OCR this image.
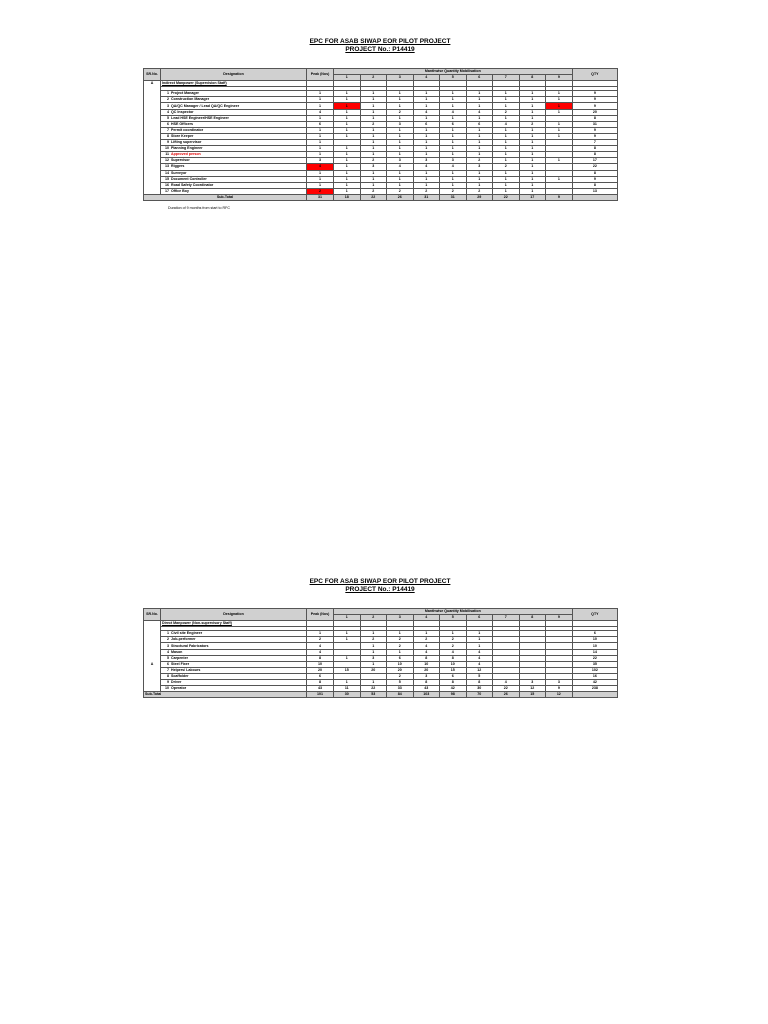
EPC FOR ASAB SIWAP EOR PILOT PROJECT
PROJECT No.: P14419
SR.No.	Designation	Peak (Nos)	Manthwise Quantity Mobilisation									QTY
			1	2	3	4	5	6	7	8	9	
A	Indirect Manpower (Supervision Staff)											

	1 Project Manager	1	1	1	1	1	1	1	1	1	1	9
	2 Construction Manager	1	1	1	1	1	1	1	1	1	1	9
	3 QA/QC Manager / Lead QA/QC Engineer	1	1	1	1	1	1	1	1	1	1	9
	4 QC Inspector	4	1	1	2	4	4	4	2	1	1	20
	5 Lead HSE Engineer/HSE Engineer	1	1	1	1	1	1	1	1	1		8
	6 HSE Officers	6	1	2	3	6	6	6	4	2	1	31
	7 Permit coordinator	1	1	1	1	1	1	1	1	1	1	9
	8 Store Keeper	1	1	1	1	1	1	1	1	1	1	9
	9 Lifting supervisor	1		1	1	1	1	1	1	1		7
	10 Planning Engineer	1	1	1	1	1	1	1	1	1		8
	11 Approved person	1	1	1	1	1	1	1	1	1		8
	12 Supervisor	3	1	2	3	3	3	2	1	1	1	17
	13 Riggers	4	1	3	4	4	4	3	2	1		22
	14 Surveyor	1	1	1	1	1	1	1	1	1		8
	15 Document Controller	1	1	1	1	1	1	1	1	1	1	9
	16 Road Safety Coordinator	1	1	1	1	1	1	1	1	1		8
	17 Office Boy	2	1	2	2	2	2	2	1	1		13
Sub-Total		31	18	22	26	31	31	29	22	17	9	
Duration of 9 months from start to RFC
EPC FOR ASAB SIWAP EOR PILOT PROJECT
PROJECT No.: P14419
SR.No.	Designation	Peak (Nos)	Manthwise Quantity Mobilisation									QTY
			1	2	3	4	5	6	7	8	9	
	Direct Manpower (Non-supervisory Staff)											

	1 Civil site Engineer	1	1	1	1	1	1	1				6
	2 Job-performer	2	1	2	2	2	2	1				10
	3 Structural Fabricators	4		1	2	4	2	1				10
	4 Mason	4		1	1	4	4	4				14
	5 Carpenter	8	1	3	6	8	8	4				22
A	6 Steel Fixer	10		1	10	10	10	4				35
	7 Helpers/ Labours	20	15	20	20	20	15	12				102
	8 Scaffolder	6			2	3	6	5				16
	9 Driver	8	1	1	5	8	8	8	4	3	3	42
	10 Operator	43	11	22	33	43	42	30	22	12	9	238
Sub-Total		101	30	53	84	103	98	70	26	15	12	
